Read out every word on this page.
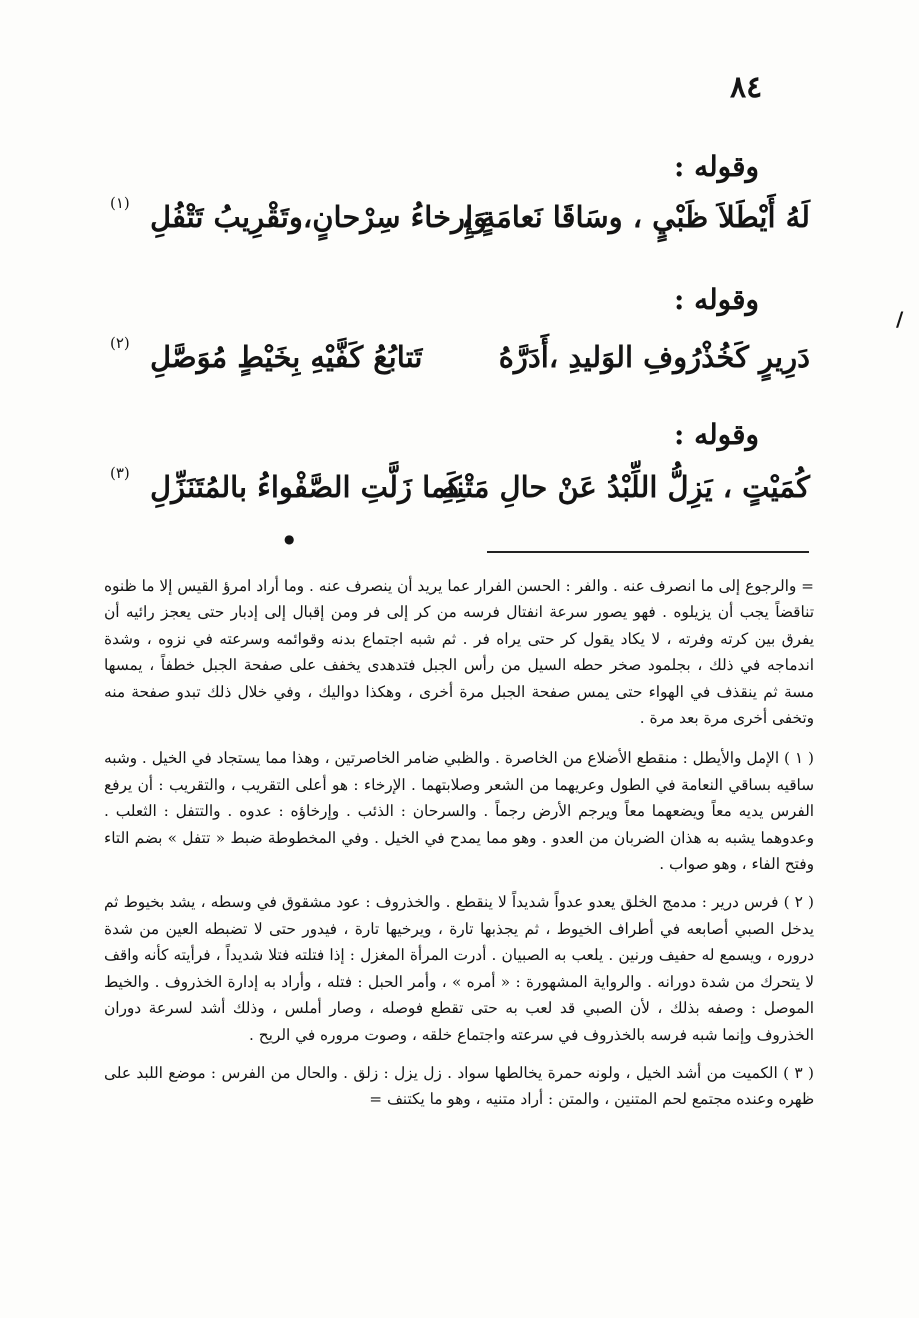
٨٤
وقوله :
لَهُ أَيْطَلاَ ظَبْيٍ ، وسَاقَا نَعامَةٍ ،
وَإِرخاءُ سِرْحانٍ،وتَقْرِيبُ تَتْفُلِ
(١)
وقوله :
دَرِيرٍ كَخُذْرُوفِ الوَليدِ ،أَدَرَّهُ
تَتابُعُ كَفَّيْهِ بِخَيْطٍ مُوَصَّلِ
(٢)
وقوله :
كُمَيْتٍ ، يَزِلُّ اللِّبْدُ عَنْ حالِ مَتْنِهِ
كَما زَلَّتِ الصَّفْواءُ بالمُتَنَزِّلِ
(٣)
/
●

= والرجوع إلى ما انصرف عنه . والفر : الحسن الفرار عما يريد أن ينصرف عنه . وما أراد امرؤ القيس إلا ما ظنوه تناقضاً يجب أن يزيلوه . فهو يصور سرعة انفتال فرسه من كر إلى فر ومن إقبال إلى إدبار حتى يعجز رائيه أن يفرق بين كرته وفرته ، لا يكاد يقول كر حتى يراه فر . ثم شبه اجتماع بدنه وقوائمه وسرعته في نزوه ، وشدة اندماجه في ذلك ، بجلمود صخر حطه السيل من رأس الجبل فتدهدى يخفف على صفحة الجبل خطفاً ، يمسها مسة ثم ينقذف في الهواء حتى يمس صفحة الجبل مرة أخرى ، وهكذا دواليك ، وفي خلال ذلك تبدو صفحة منه وتخفى أخرى مرة بعد مرة .

( ١ ) الإمل والأيطل : منقطع الأضلاع من الخاصرة . والظبي ضامر الخاصرتين ، وهذا مما يستجاد في الخيل . وشبه ساقيه بساقي النعامة في الطول وعريهما من الشعر وصلابتهما . الإرخاء : هو أعلى التقريب ، والتقريب : أن يرفع الفرس يديه معاً ويضعهما معاً ويرجم الأرض رجماً . والسرحان : الذئب . وإرخاؤه : عدوه . والتتفل : الثعلب . وعدوهما يشبه به هذان الضربان من العدو . وهو مما يمدح في الخيل . وفي المخطوطة ضبط « تتفل » بضم التاء وفتح الفاء ، وهو صواب .

( ٢ ) فرس درير : مدمج الخلق يعدو عدواً شديداً لا ينقطع . والخذروف : عود مشقوق في وسطه ، يشد بخيوط ثم يدخل الصبي أصابعه في أطراف الخيوط ، ثم يجذبها تارة ، ويرخيها تارة ، فيدور حتى لا تضبطه العين من شدة دروره ، ويسمع له حفيف ورنين . يلعب به الصبيان . أدرت المرأة المغزل : إذا فتلته فتلا شديداً ، فرأيته كأنه واقف لا يتحرك من شدة دورانه . والرواية المشهورة : « أمره » ، وأمر الحبل : فتله ، وأراد به إدارة الخذروف . والخيط الموصل : وصفه بذلك ، لأن الصبي قد لعب به حتى تقطع فوصله ، وصار أملس ، وذلك أشد لسرعة دوران الخذروف وإنما شبه فرسه بالخذروف في سرعته واجتماع خلقه ، وصوت مروره في الريح .

( ٣ ) الكميت من أشد الخيل ، ولونه حمرة يخالطها سواد . زل يزل : زلق . والحال من الفرس : موضع اللبد على ظهره وعنده مجتمع لحم المتنين ، والمتن : أراد متنيه ، وهو ما يكتنف =
